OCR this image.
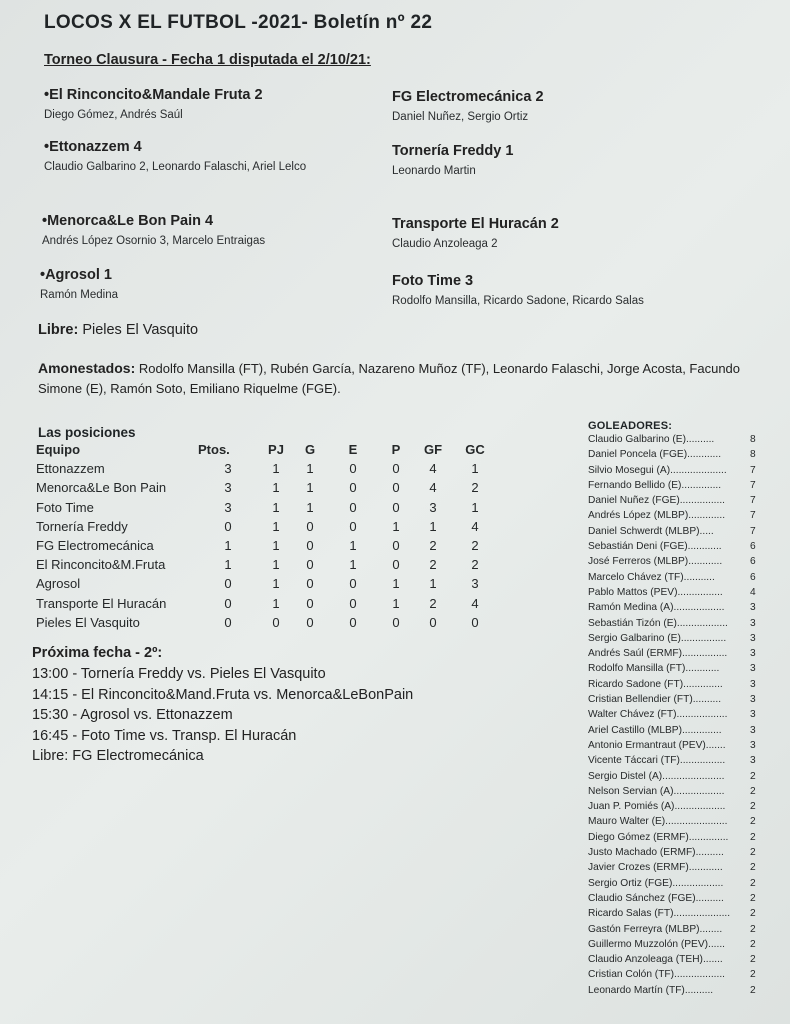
LOCOS X EL FUTBOL -2021- Boletín nº 22
Torneo Clausura - Fecha 1 disputada el 2/10/21:
•El Rinconcito&Mandale Fruta 2
Diego Gómez, Andrés Saúl
FG Electromecánica 2
Daniel Nuñez, Sergio Ortiz
•Ettonazzem 4
Claudio Galbarino 2, Leonardo Falaschi, Ariel Lelco
Tornería Freddy 1
Leonardo Martin
•Menorca&Le Bon Pain 4
Andrés López Osornio 3, Marcelo Entraigas
Transporte El Huracán 2
Claudio Anzoleaga 2
•Agrosol 1
Ramón Medina
Foto Time 3
Rodolfo Mansilla, Ricardo Sadone, Ricardo Salas
Libre: Pieles El Vasquito
Amonestados: Rodolfo Mansilla (FT), Rubén García, Nazareno Muñoz (TF), Leonardo Falaschi, Jorge Acosta, Facundo Simone (E), Ramón Soto, Emiliano Riquelme (FGE).
Las posiciones
Equipo	Ptos.	PJ	G	E	P	GF GC
Ettonazzem	3	1	1	0	0	4	1
Menorca&Le Bon Pain	3	1	1	0	0	4	2
Foto Time	3	1	1	0	0	3	1
Tornería Freddy	0	1	0	0	1	1	4
FG Electromecánica	1	1	0	1	0	2	2
El Rinconcito&M.Fruta	1	1	0	1	0	2	2
Agrosol	0	1	0	0	1	1	3
Transporte El Huracán	0	1	0	0	1	2	4
Pieles El Vasquito	0	0	0	0	0	0	0
Próxima fecha - 2º:
13:00 - Tornería Freddy vs. Pieles El Vasquito
14:15 - El Rinconcito&Mand.Fruta vs. Menorca&LeBonPain
15:30 - Agrosol vs. Ettonazzem
16:45 - Foto Time vs. Transp. El Huracán
Libre: FG Electromecánica
GOLEADORES:
Claudio Galbarino (E)..........	8
Daniel Poncela (FGE)............	8
Silvio Mosegui (A).................... 7
Fernando Bellido (E)..............	7
Daniel Nuñez (FGE)................ 7
Andrés López (MLBP)............. 7
Daniel Schwerdt (MLBP).....	7
Sebastián Deni (FGE)............	6
José Ferreros (MLBP)............	6
Marcelo Chávez (TF)...........	6
Pablo Mattos (PEV)................	4
Ramón Medina (A)..................	3
Sebastián Tizón (E).................. 3
Sergio Galbarino (E)................ 3
Andrés Saúl (ERMF)................ 3
Rodolfo Mansilla (FT)............	3
Ricardo Sadone (FT)..............	3
Cristian Bellendier (FT)..........	3
Walter Chávez (FT).................. 3
Ariel Castillo (MLBP)..............	3
Antonio Ermantraut (PEV)....... 3
Vicente Táccari (TF)................ 3
Sergio Distel (A)......................	2
Nelson Servian (A)..................	2
Juan P. Pomiés (A).................. 2
Mauro Walter (E)...................... 2
Diego Gómez (ERMF).............. 2
Justo Machado (ERMF)..........	2
Javier Crozes (ERMF)............	2
Sergio Ortiz (FGE)..................	2
Claudio Sánchez (FGE)..........	2
Ricardo Salas (FT).................... 2
Gastón Ferreyra (MLBP)........	2
Guillermo Muzzolón (PEV)...... 2
Claudio Anzoleaga (TEH).......	2
Cristian Colón (TF).................. 2
Leonardo Martín (TF)..........	2
